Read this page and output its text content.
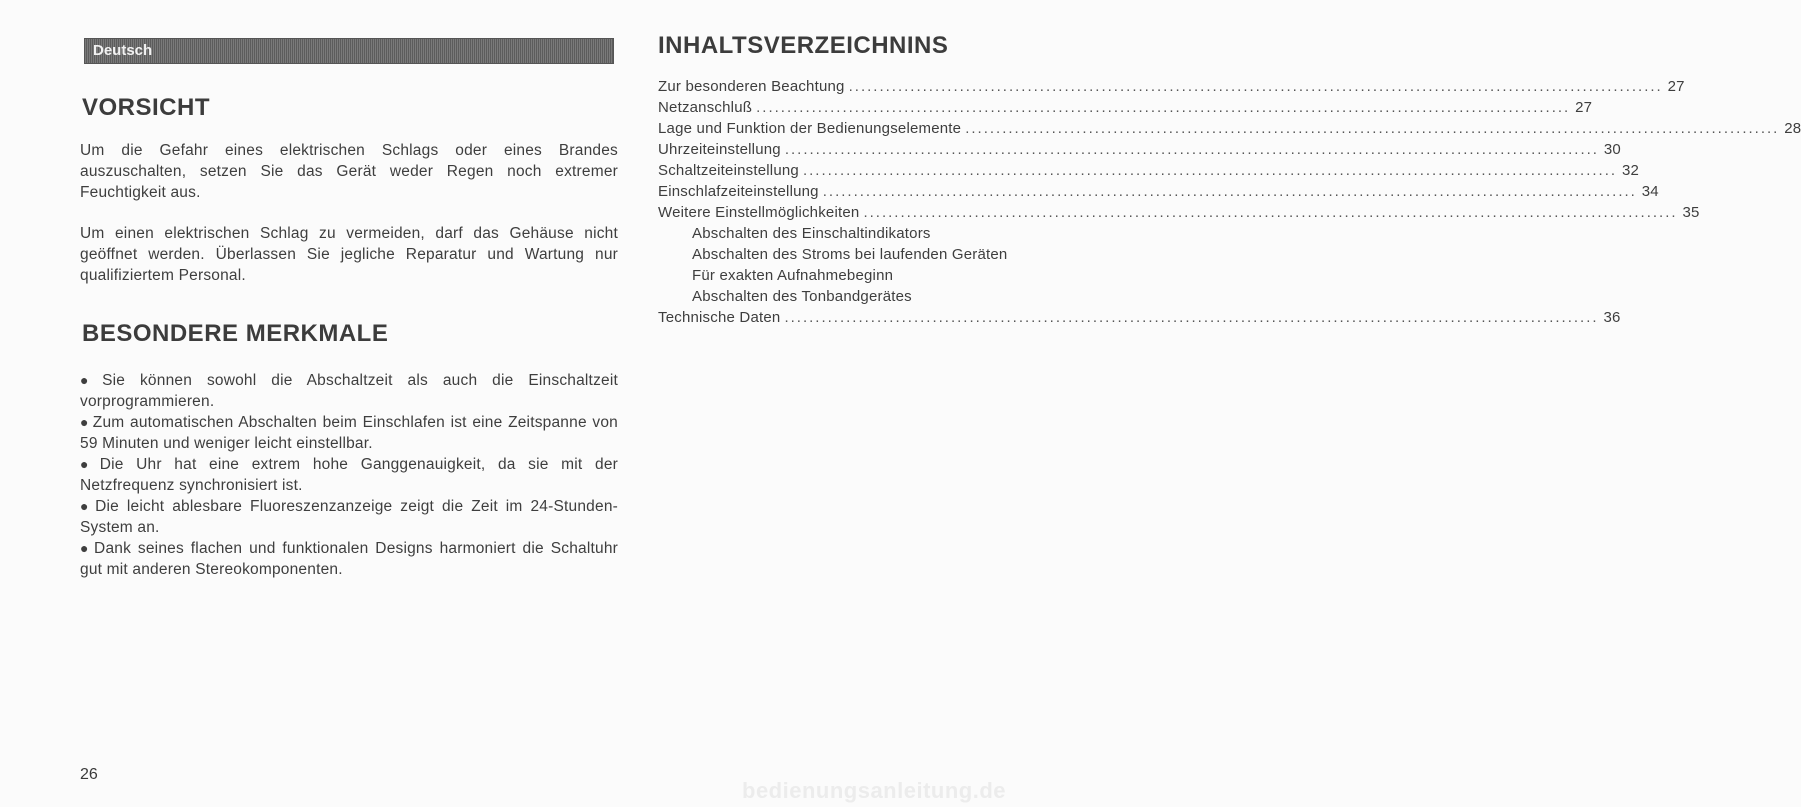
Deutsch
VORSICHT

Um die Gefahr eines elektrischen Schlags oder eines Brandes auszuschalten, setzen Sie das Gerät weder Regen noch extremer Feuchtigkeit aus.

Um einen elektrischen Schlag zu vermeiden, darf das Gehäuse nicht geöffnet werden. Überlassen Sie jegliche Reparatur und Wartung nur qualifiziertem Personal.

BESONDERE MERKMALE
● Sie können sowohl die Abschaltzeit als auch die Einschaltzeit vorprogrammieren.
● Zum automatischen Abschalten beim Einschlafen ist eine Zeitspanne von 59 Minuten und weniger leicht einstellbar.
● Die Uhr hat eine extrem hohe Ganggenauigkeit, da sie mit der Netzfrequenz synchronisiert ist.
● Die leicht ablesbare Fluoreszenzanzeige zeigt die Zeit im 24-Stunden-System an.
● Dank seines flachen und funktionalen Designs harmoniert die Schaltuhr gut mit anderen Stereokomponenten.
26
INHALTSVERZEICHNINS
Zur besonderen Beachtung .................................................................................................................................... 27
Netzanschluß .................................................................................................................................... 27
Lage und Funktion der Bedienungselemente .................................................................................................................................... 28
Uhrzeiteinstellung .................................................................................................................................... 30
Schaltzeiteinstellung .................................................................................................................................... 32
Einschlafzeiteinstellung .................................................................................................................................... 34
Weitere Einstellmöglichkeiten .................................................................................................................................... 35
Abschalten des Einschaltindikators
Abschalten des Stroms bei laufenden Geräten
Für exakten Aufnahmebeginn
Abschalten des Tonbandgerätes
Technische Daten .................................................................................................................................... 36
bedienungsanleitung.de
